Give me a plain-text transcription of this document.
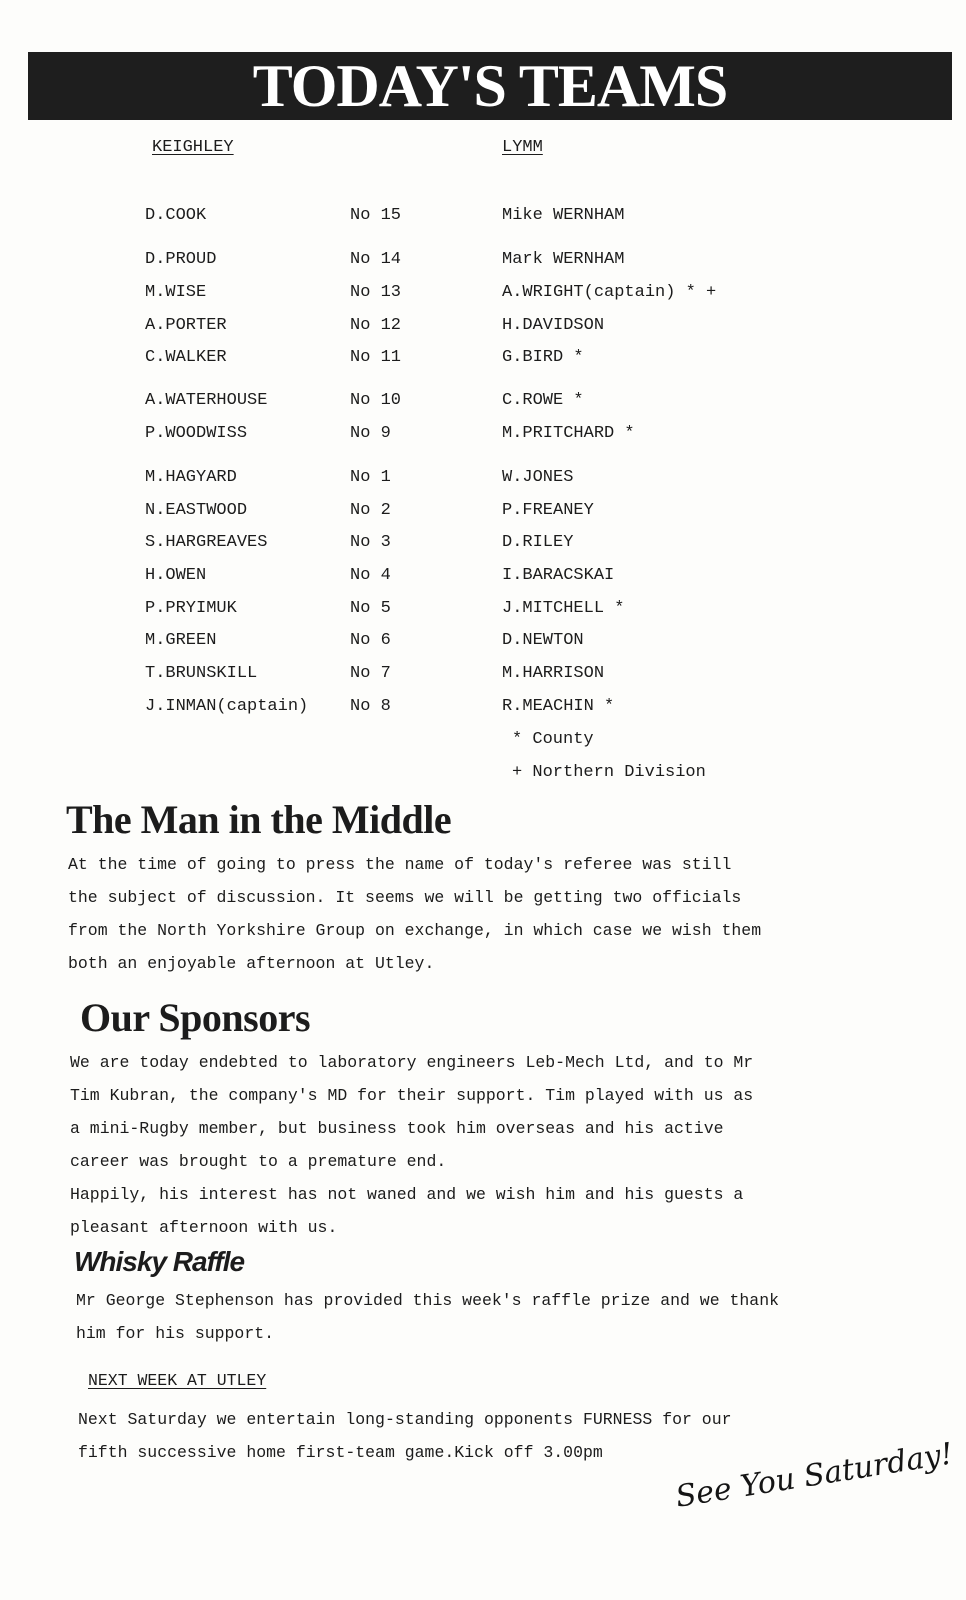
TODAY'S TEAMS
KEIGHLEY	LYMM
D.COOK	No 15	Mike WERNHAM
D.PROUD	No 14	Mark WERNHAM
M.WISE	No 13	A.WRIGHT(captain) * +
A.PORTER	No 12	H.DAVIDSON
C.WALKER	No 11	G.BIRD *
A.WATERHOUSE	No 10	C.ROWE *
P.WOODWISS	No 9	M.PRITCHARD *
M.HAGYARD	No 1	W.JONES
N.EASTWOOD	No 2	P.FREANEY
S.HARGREAVES	No 3	D.RILEY
H.OWEN	No 4	I.BARACSKAI
P.PRYIMUK	No 5	J.MITCHELL *
M.GREEN	No 6	D.NEWTON
T.BRUNSKILL	No 7	M.HARRISON
J.INMAN(captain) No 8	R.MEACHIN *
* County
+ Northern Division
The Man in the Middle
At the time of going to press the name of today's referee was still
the subject of discussion. It seems we will be getting two officials
from the North Yorkshire Group on exchange, in which case we wish them
both an enjoyable afternoon at Utley.
Our Sponsors
We are today endebted to laboratory engineers Leb-Mech Ltd, and to Mr
Tim Kubran, the company's MD for their support. Tim played with us as
a mini-Rugby member, but business took him overseas and his active
career was brought to a premature end.
Happily, his interest has not waned and we wish him and his guests a
pleasant afternoon with us.
Whisky Raffle
Mr George Stephenson has provided this week's raffle prize and we thank
him for his support.
NEXT WEEK AT UTLEY
Next Saturday we entertain long-standing opponents FURNESS for our
fifth successive home first-team game.Kick off 3.00pm	See You Saturday!
